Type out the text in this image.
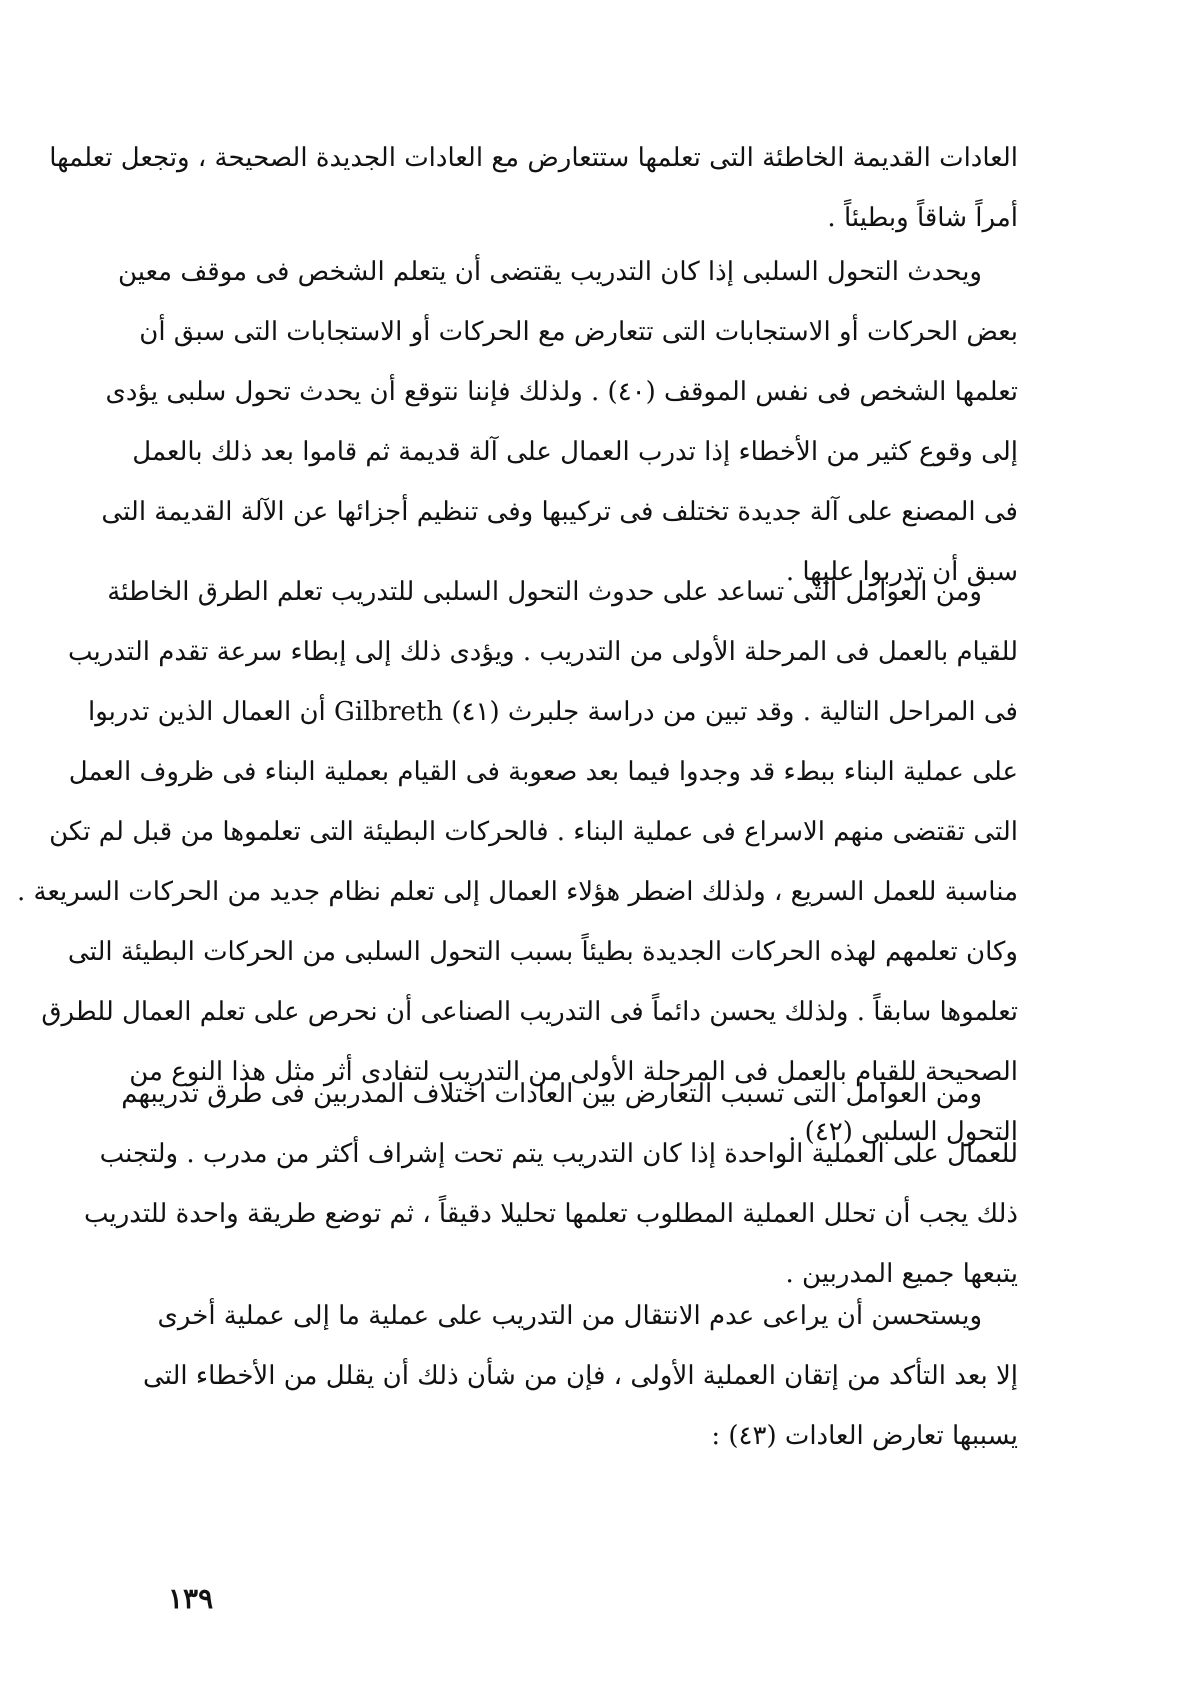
العادات القديمة الخاطئة التى تعلمها ستتعارض مع العادات الجديدة الصحيحة ، وتجعل تعلمها
أمراً شاقاً وبطيئاً .
ويحدث التحول السلبى إذا كان التدريب يقتضى أن يتعلم الشخص فى موقف معين
بعض الحركات أو الاستجابات التى تتعارض مع الحركات أو الاستجابات التى سبق أن
تعلمها الشخص فى نفس الموقف (٤٠) . ولذلك فإننا نتوقع أن يحدث تحول سلبى يؤدى
إلى وقوع كثير من الأخطاء إذا تدرب العمال على آلة قديمة ثم قاموا بعد ذلك بالعمل
فى المصنع على آلة جديدة تختلف فى تركيبها وفى تنظيم أجزائها عن الآلة القديمة التى
سبق أن تدربوا عليها .
ومن العوامل التى تساعد على حدوث التحول السلبى للتدريب تعلم الطرق الخاطئة
للقيام بالعمل فى المرحلة الأولى من التدريب . ويؤدى ذلك إلى إبطاء سرعة تقدم التدريب
فى المراحل التالية . وقد تبين من دراسة جلبرث (٤١) Gilbreth أن العمال الذين تدربوا
على عملية البناء ببطء قد وجدوا فيما بعد صعوبة فى القيام بعملية البناء فى ظروف العمل
التى تقتضى منهم الاسراع فى عملية البناء . فالحركات البطيئة التى تعلموها من قبل لم تكن
مناسبة للعمل السريع ، ولذلك اضطر هؤلاء العمال إلى تعلم نظام جديد من الحركات السريعة .
وكان تعلمهم لهذه الحركات الجديدة بطيئاً بسبب التحول السلبى من الحركات البطيئة التى
تعلموها سابقاً . ولذلك يحسن دائماً فى التدريب الصناعى أن نحرص على تعلم العمال للطرق
الصحيحة للقيام بالعمل فى المرحلة الأولى من التدريب لتفادى أثر مثل هذا النوع من
التحول السلبى (٤٢) .
ومن العوامل التى تسبب التعارض بين العادات اختلاف المدربين فى طرق تدريبهم
للعمال على العملية الواحدة إذا كان التدريب يتم تحت إشراف أكثر من مدرب . ولتجنب
ذلك يجب أن تحلل العملية المطلوب تعلمها تحليلا دقيقاً ، ثم توضع طريقة واحدة للتدريب
يتبعها جميع المدربين .
ويستحسن أن يراعى عدم الانتقال من التدريب على عملية ما إلى عملية أخرى
إلا بعد التأكد من إتقان العملية الأولى ، فإن من شأن ذلك أن يقلل من الأخطاء التى
يسببها تعارض العادات (٤٣) :
١٣٩
